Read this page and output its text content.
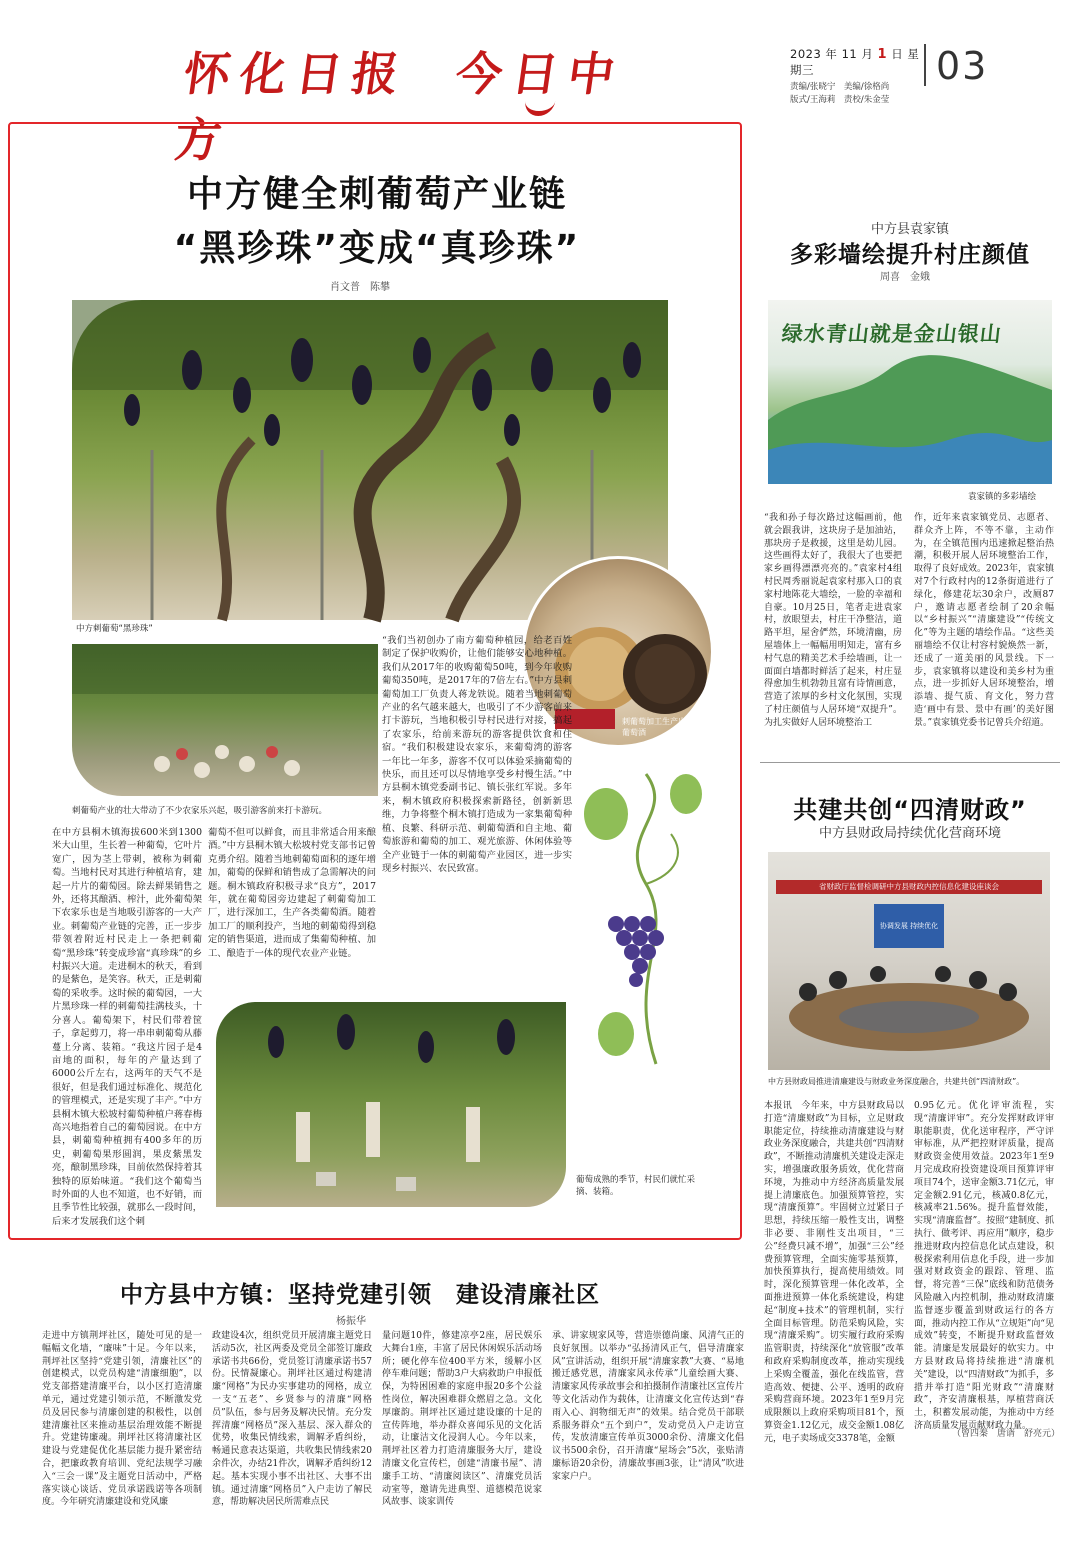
怀化日报 今日中方
2023 年 11 月 1 日 星期三
责编/张晓宁　美编/徐格尚
版式/王海莉　责校/朱金莹
03
中方健全刺葡萄产业链
“黑珍珠”变成“真珍珠”
肖文普　陈攀
中方刺葡萄“黑珍珠”
刺葡萄加工生产出来的葡萄酒
刺葡萄产业的壮大带动了不少农家乐兴起，吸引游客前来打卡游玩。
在中方县桐木镇海拔600米到1300米大山里，生长着一种葡萄，它叶片宽广，因为茎上带刺，被称为刺葡萄。当地村民对其进行种植培育，建起一片片的葡萄园。除去鲜果销售之外，还将其酿酒、榨汁，此外葡萄架下农家乐也是当地吸引游客的一大产业。刺葡萄产业链的完善，正一步步带领着附近村民走上一条把刺葡萄“黑珍珠”转变成珍富“真珍珠”的乡村振兴大道。走进桐木的秋天，看到的是紫色，是笑容。秋天，正是刺葡萄的采收季。这时候的葡萄园，一大片黑珍珠一样的刺葡萄挂满枝头，十分喜人。葡萄架下，村民们带着筐子，拿起剪刀，将一串串刺葡萄从藤蔓上分离、装箱。“我这片园子是4亩地的面积，每年的产量达到了6000公斤左右，这两年的天气不是很好，但是我们通过标准化、规范化的管理模式，还是实现了丰产。”中方县桐木镇大松坡村葡萄种植户蒋春梅高兴地指着自己的葡萄园说。在中方县，刺葡萄种植拥有400多年的历史，刺葡萄果形圆润，果皮紫黑发亮，酿制黑珍珠，目前依然保持着其独特的原始味道。“我们这个葡萄当时外面的人也不知道，也不好销，而且季节性比较强，就那么一段时间，后来才发展我们这个刺
葡萄不但可以鲜食，而且非常适合用来酿酒。”中方县桐木镇大松坡村党支部书记曾克勇介绍。随着当地刺葡萄面积的逐年增加，葡萄的保鲜和销售成了急需解决的问题。桐木镇政府积极寻求“良方”，2017年，就在葡萄园旁边建起了刺葡萄加工厂，进行深加工，生产各类葡萄酒。随着加工厂的顺利投产，当地的刺葡萄得到稳定的销售渠道，进而成了集葡萄种植、加工、酿造于一体的现代农业产业链。
“我们当初创办了南方葡萄种植园，给老百姓制定了保护收购价，让他们能够安心地种植。我们从2017年的收购葡萄50吨，到今年收购葡萄350吨，是2017年的7倍左右。”中方县刺葡萄加工厂负责人蒋龙铁说。随着当地刺葡萄产业的名气越来越大，也吸引了不少游客前来打卡游玩，当地积极引导村民进行对接，搞起了农家乐，给前来游玩的游客提供饮食和住宿。“我们积极建设农家乐，来葡萄湾的游客一年比一年多，游客不仅可以体验采摘葡萄的快乐，而且还可以尽情地享受乡村慢生活。”中方县桐木镇党委副书记、镇长张红军说。多年来，桐木镇政府积极探索新路径，创新新思维，力争将整个桐木镇打造成为一家集葡萄种植、良繁、科研示范、刺葡萄酒和自主地、葡萄旅游和葡萄的加工、观光旅游、休闲体验等全产业链于一体的刺葡萄产业园区，进一步实现乡村振兴、农民致富。
葡萄成熟的季节，村民们就忙采摘、装箱。
中方县袁家镇
多彩墙绘提升村庄颜值
周喜　金娥
绿水青山就是金山银山
袁家镇的多彩墙绘
“我和孙子每次路过这幅画前，他就会跟我讲，这块房子是加油站，那块房子是救援，这里是幼儿园。这些画得太好了，我很大了也要把家乡画得漂漂亮亮的。”袁家村4组村民周秀丽说起袁家村那入口的袁家村地陈花大墙绘，一脸的幸福和自豪。10月25日，笔者走进袁家村，放眼望去，村庄干净整洁，道路平坦，屋舍俨然，环境清幽，房屋墙体上一幅幅用明知走，富有乡村气息的精美艺术手绘墙画，让一面面白墙都时鲜活了起来，村庄显得愈加生机勃勃且富有诗情画意，营造了浓厚的乡村文化氛围，实现了村庄颜值与人居环境“双提升”。为扎实做好人居环境整治工
作，近年来袁家镇党员、志愿者、群众齐上阵，不等不靠，主动作为，在全镇范围内迅速掀起整治热潮，积极开展人居环境整治工作，取得了良好成效。2023年，袁家镇对7个行政村内的12条街道进行了绿化，修建花坛30余户，改厕87户，邀请志愿者绘制了20余幅以“乡村振兴”“清廉建设”“传统文化”等为主题的墙绘作品。“这些美丽墙绘不仅让村容村貌焕然一新，还成了一道美丽的风景线。下一步，袁家镇将以建设和美乡村为重点，进一步抓好人居环境整治，增添墙、提气质、育文化，努力营造‘画中有景、景中有画’的美好图景。”袁家镇党委书记曾兵介绍道。
共建共创“四清财政”
中方县财政局持续优化营商环境
省财政厅监督检调研中方县财政内控信息化建设座谈会
协调发展 持续优化
中方县财政局推进清廉建设与财政业务深度融合，共建共创“四清财政”。
本报讯　今年来，中方县财政局以打造“清廉财政”为目标，立足财政职能定位，持续推动清廉建设与财政业务深度融合，共建共创“四清财政”，不断推动清廉机关建设走深走实，增强廉政服务质效，优化营商环境，为推动中方经济高质量发展提上清廉底色。加强预算管控，实现“清廉预算”。牢固树立过紧日子思想，持续压缩一般性支出，调整非必要、非刚性支出项目，“三公”经费只减不增”，加强“三公”经费预算管理，全面实施零基预算，加快预算执行，提高使用绩效。同时，深化预算管理一体化改革，全面推进预算一体化系统建设，构建起“制度+技术”的管理机制，实行全面目标管理。防范采购风险，实现“清廉采购”。切实履行政府采购监管职责，持续深化“放管服”改革和政府采购制度改革，推动实现线上采购全覆盖，强化在线监管，营造高效、便捷、公平、透明的政府采购营商环境。2023年1至9月完成限额以上政府采购项目81个，预算资金1.12亿元，成交金额1.08亿元，电子卖场成交3378笔，金额
0.95亿元。优化评审流程，实现“清廉评审”。充分发挥财政评审职能职责，优化送审程序，严守评审标准，从严把控财评质量，提高财政资金使用效益。2023年1至9月完成政府投资建设项目预算评审项目74个，送审金额3.71亿元，审定金额2.91亿元，核减0.8亿元，核减率21.56%。提升监督效能，实现“清廉监督”。按照“建制度、抓执行、做考评、再应用”顺序，稳步推进财政内控信息化试点建设，积极探索利用信息化手段，进一步加强对财政资金的跟踪、管理、监督，将完善“三保”底线和防范债务风险融入内控机制，推动财政清廉监督逐步覆盖到财政运行的各方面，推动内控工作从“立规矩”向“见成效”转变，不断提升财政监督效能。清廉是发展最好的软实力。中方县财政局将持续推进“清廉机关”建设，以“四清财政”为抓手，多措并举打造“阳光财政”“清廉财政”，齐安清廉根基，厚植营商沃土，积蓄发展动能，为推动中方经济高质量发展贡献财政力量。
（曾四秦　唐谞　舒亮元）
中方县中方镇：坚持党建引领　建设清廉社区
杨振华
走进中方镇荆坪社区，随处可见的是一幅幅文化墙，“廉味”十足。今年以来，荆坪社区坚持“党建引领，清廉社区”的创建模式，以党员构建“清廉细胞”，以党支部搭建清廉平台，以小区打造清廉单元，通过党建引领示范，不断激发党员及居民参与清廉创建的积极性，以创建清廉社区来推动基层治理效能不断提升。党建铸廉魂。荆坪社区将清廉社区建设与党建促优化基层能力提升紧密结合，把廉政教育培训、党纪法规学习融入“三会一课”及主题党日活动中，严格落实谈心谈话、党员承诺践诺等各项制度。今年研究清廉建设和党风廉
政建设4次，组织党员开展清廉主题党日活动5次，社区两委及党员全部签订廉政承诺书共66份，党员签订清廉承诺书57份。民情凝廉心。荆坪社区通过构建清廉“网格”为民办实事建功的网格，成立一支“五老”、乡贤参与的清廉“网格员”队伍，参与居务及解决民情。充分发挥清廉“网格员”深入基层、深入群众的优势，收集民情线索，调解矛盾纠纷，畅通民意表达渠道，共收集民情线索20余件次，办结21件次，调解矛盾纠纷12起。基本实现小事不出社区、大事不出镇。通过清廉“网格员”入户走访了解民意，帮助解决居民所需难点民
量问题10件，修建凉亭2座，居民娱乐大舞台1座，丰富了居民休闲娱乐活动场所；硬化停车位400平方米，缓解小区停车难问题；帮助3户大病救助户申报低保，为特困困难的家庭申报20多个公益性岗位，解决困难群众燃眉之急。文化厚廉韵。荆坪社区通过建设廉的十足的宣传阵地，举办群众喜闻乐见的文化活动，让廉洁文化浸润人心。今年以来，荆坪社区着力打造清廉服务大厅，建设清廉文化宣传栏，创建“清廉书屋”、清廉手工坊、“清廉阅读区”、清廉党员活动室等，邀请先进典型、道德模范说家风故事、谈家训传
承、讲家规家风等，营造崇德尚廉、风清气正的良好氛围。以举办“弘扬清风正气，倡导清廉家风”宣讲活动，组织开展“清廉家教”大赛、“易地搬迁感党恩，清廉家风永传承”儿童绘画大赛、清廉家风传承故事会和拍摄制作清廉社区宣传片等文化活动作为载体，让清廉文化宣传达到“春雨入心、润物细无声”的效果。结合党员干部联系服务群众“五个到户”，发动党员入户走访宣传，发放清廉宣传单页3000余份、清廉文化倡议书500余份，召开清廉“屋场会”5次，张贴清廉标语20余份，清廉故事画3张，让“清风”吹进家家户户。
